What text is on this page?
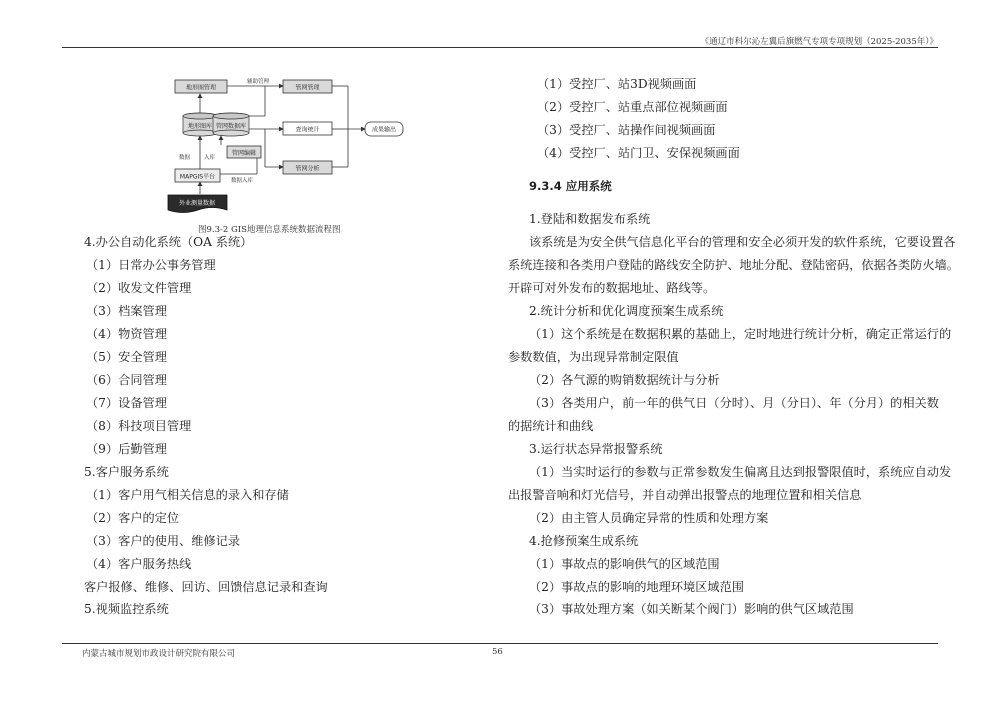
《通辽市科尔沁左翼后旗燃气专项专项规划（2025-2035年）》
地形图管理
地形图库 管网数据库
管网管理
查询统计
管网分析
管网编辑
MAPGIS平台
成果输出
外业测量数据
辅助管理
数据	入库
数据入库
图9.3-2 GIS地理信息系统数据流程图
4.办公自动化系统（OA 系统）
（1）日常办公事务管理
（2）收发文件管理
（3）档案管理
（4）物资管理
（5）安全管理
（6）合同管理
（7）设备管理
（8）科技项目管理
（9）后勤管理
5.客户服务系统
（1）客户用气相关信息的录入和存储
（2）客户的定位
（3）客户的使用、维修记录
（4）客户服务热线
客户报修、维修、回访、回馈信息记录和查询
5.视频监控系统
（1）受控厂、站3D视频画面
（2）受控厂、站重点部位视频画面
（3）受控厂、站操作间视频画面
（4）受控厂、站门卫、安保视频画面
9.3.4 应用系统
1.登陆和数据发布系统
该系统是为安全供气信息化平台的管理和安全必须开发的软件系统，它要设置各
系统连接和各类用户登陆的路线安全防护、地址分配、登陆密码，依据各类防火墙。
开辟可对外发布的数据地址、路线等。
2.统计分析和优化调度预案生成系统
（1）这个系统是在数据积累的基础上，定时地进行统计分析，确定正常运行的
参数数值，为出现异常制定限值
（2）各气源的购销数据统计与分析
（3）各类用户，前一年的供气日（分时）、月（分日）、年（分月）的相关数
的据统计和曲线
3.运行状态异常报警系统
（1）当实时运行的参数与正常参数发生偏离且达到报警限值时，系统应自动发
出报警音响和灯光信号，并自动弹出报警点的地理位置和相关信息
（2）由主管人员确定异常的性质和处理方案
4.抢修预案生成系统
（1）事故点的影响供气的区域范围
（2）事故点的影响的地理环境区域范围
（3）事故处理方案（如关断某个阀门）影响的供气区域范围
内蒙古城市规划市政设计研究院有限公司	56
